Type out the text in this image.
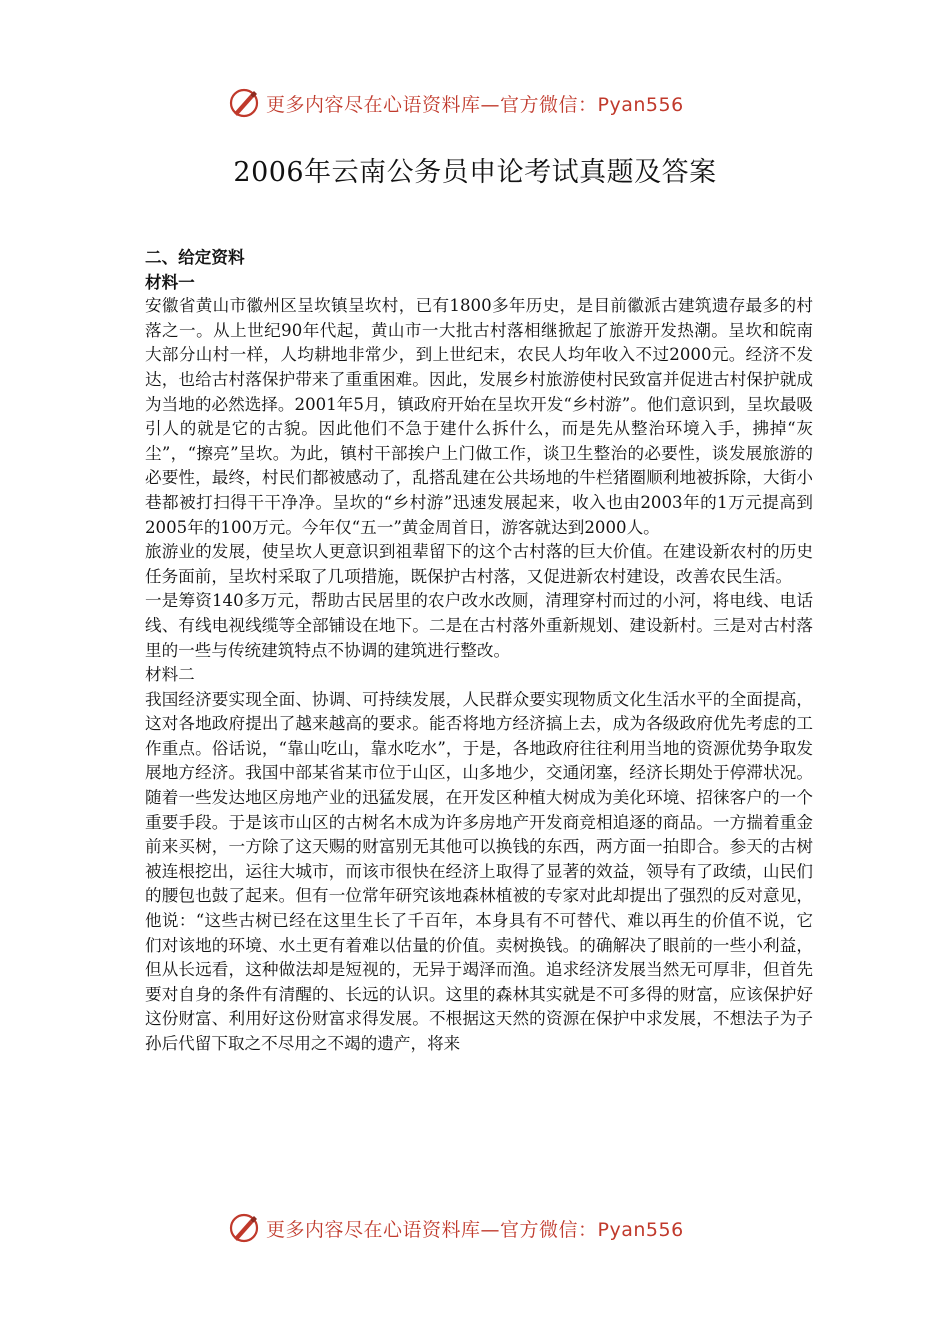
更多内容尽在心语资料库—官方微信：Pyan556
2006年云南公务员申论考试真题及答案

二、给定资料

材料一

安徽省黄山市徽州区呈坎镇呈坎村，已有1800多年历史，是目前徽派古建筑遗存最多的村落之一。从上世纪90年代起，黄山市一大批古村落相继掀起了旅游开发热潮。呈坎和皖南大部分山村一样，人均耕地非常少，到上世纪末，农民人均年收入不过2000元。经济不发达，也给古村落保护带来了重重困难。因此，发展乡村旅游使村民致富并促进古村保护就成为当地的必然选择。2001年5月，镇政府开始在呈坎开发“乡村游”。他们意识到，呈坎最吸引人的就是它的古貌。因此他们不急于建什么拆什么，而是先从整治环境入手，拂掉“灰尘”，“擦亮”呈坎。为此，镇村干部挨户上门做工作，谈卫生整治的必要性，谈发展旅游的必要性，最终，村民们都被感动了，乱搭乱建在公共场地的牛栏猪圈顺利地被拆除，大街小巷都被打扫得干干净净。呈坎的“乡村游”迅速发展起来，收入也由2003年的1万元提高到2005年的100万元。今年仅“五一”黄金周首日，游客就达到2000人。

旅游业的发展，使呈坎人更意识到祖辈留下的这个古村落的巨大价值。在建设新农村的历史任务面前，呈坎村采取了几项措施，既保护古村落，又促进新农村建设，改善农民生活。

一是筹资140多万元，帮助古民居里的农户改水改厕，清理穿村而过的小河，将电线、电话线、有线电视线缆等全部铺设在地下。二是在古村落外重新规划、建设新村。三是对古村落里的一些与传统建筑特点不协调的建筑进行整改。

材料二

我国经济要实现全面、协调、可持续发展，人民群众要实现物质文化生活水平的全面提高，这对各地政府提出了越来越高的要求。能否将地方经济搞上去，成为各级政府优先考虑的工作重点。俗话说，“靠山吃山，靠水吃水”，于是，各地政府往往利用当地的资源优势争取发展地方经济。我国中部某省某市位于山区，山多地少，交通闭塞，经济长期处于停滞状况。随着一些发达地区房地产业的迅猛发展，在开发区种植大树成为美化环境、招徕客户的一个重要手段。于是该市山区的古树名木成为许多房地产开发商竞相追逐的商品。一方揣着重金前来买树，一方除了这天赐的财富别无其他可以换钱的东西，两方面一拍即合。参天的古树被连根挖出，运往大城市，而该市很快在经济上取得了显著的效益，领导有了政绩，山民们的腰包也鼓了起来。但有一位常年研究该地森林植被的专家对此却提出了强烈的反对意见，他说：“这些古树已经在这里生长了千百年，本身具有不可替代、难以再生的价值不说，它们对该地的环境、水土更有着难以估量的价值。卖树换钱。的确解决了眼前的一些小利益，但从长远看，这种做法却是短视的，无异于竭泽而渔。追求经济发展当然无可厚非，但首先要对自身的条件有清醒的、长远的认识。这里的森林其实就是不可多得的财富，应该保护好这份财富、利用好这份财富求得发展。不根据这天然的资源在保护中求发展，不想法子为子孙后代留下取之不尽用之不竭的遗产，将来

更多内容尽在心语资料库—官方微信：Pyan556
